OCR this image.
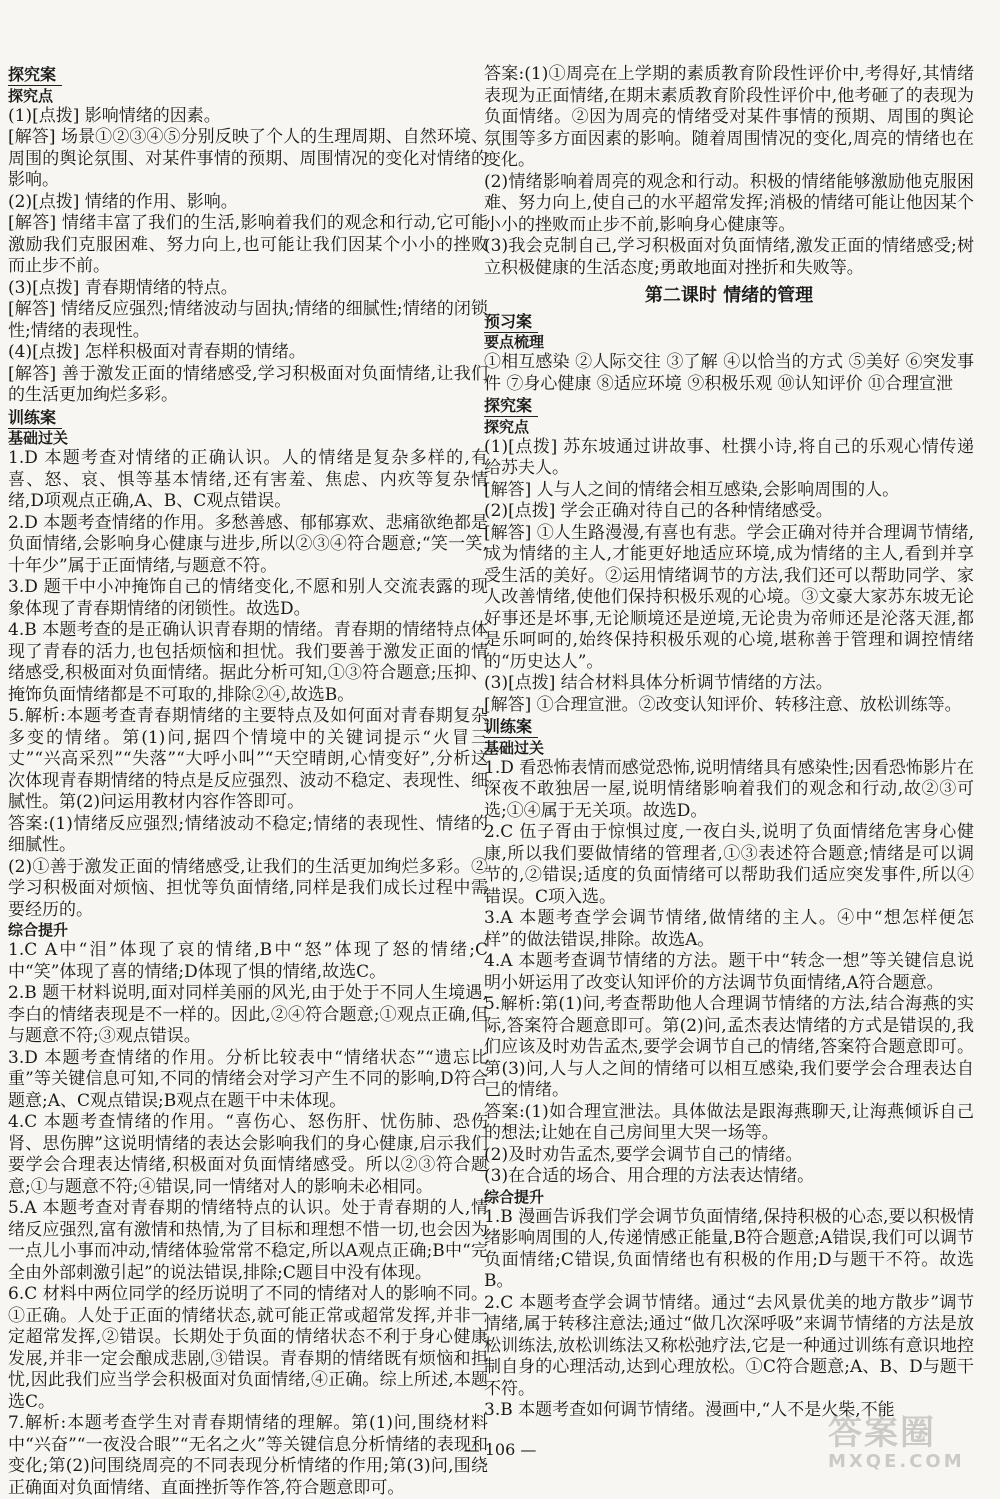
探究案
探究点

(1)[点拨] 影响情绪的因素。

[解答] 场景①②③④⑤分别反映了个人的生理周期、自然环境、周围的舆论氛围、对某件事情的预期、周围情况的变化对情绪的影响。

(2)[点拨] 情绪的作用、影响。

[解答] 情绪丰富了我们的生活,影响着我们的观念和行动,它可能激励我们克服困难、努力向上,也可能让我们因某个小小的挫败而止步不前。

(3)[点拨] 青春期情绪的特点。

[解答] 情绪反应强烈;情绪波动与固执;情绪的细腻性;情绪的闭锁性;情绪的表现性。

(4)[点拨] 怎样积极面对青春期的情绪。

[解答] 善于激发正面的情绪感受,学习积极面对负面情绪,让我们的生活更加绚烂多彩。

训练案
基础过关

1.D 本题考查对情绪的正确认识。人的情绪是复杂多样的,有喜、怒、哀、惧等基本情绪,还有害羞、焦虑、内疚等复杂情绪,D项观点正确,A、B、C观点错误。

2.D 本题考查情绪的作用。多愁善感、郁郁寡欢、悲痛欲绝都是负面情绪,会影响身心健康与进步,所以②③④符合题意;“笑一笑,十年少”属于正面情绪,与题意不符。

3.D 题干中小冲掩饰自己的情绪变化,不愿和别人交流表露的现象体现了青春期情绪的闭锁性。故选D。

4.B 本题考查的是正确认识青春期的情绪。青春期的情绪特点体现了青春的活力,也包括烦恼和担忧。我们要善于激发正面的情绪感受,积极面对负面情绪。据此分析可知,①③符合题意;压抑、掩饰负面情绪都是不可取的,排除②④,故选B。

5.解析:本题考查青春期情绪的主要特点及如何面对青春期复杂多变的情绪。第(1)问,据四个情境中的关键词提示“火冒三丈”“兴高采烈”“失落”“大呼小叫”“天空晴朗,心情变好”,分析这次体现青春期情绪的特点是反应强烈、波动不稳定、表现性、细腻性。第(2)问运用教材内容作答即可。

答案:(1)情绪反应强烈;情绪波动不稳定;情绪的表现性、情绪的细腻性。

(2)①善于激发正面的情绪感受,让我们的生活更加绚烂多彩。②学习积极面对烦恼、担忧等负面情绪,同样是我们成长过程中需要经历的。

综合提升

1.C A中“泪”体现了哀的情绪,B中“怒”体现了怒的情绪;C中“笑”体现了喜的情绪;D体现了惧的情绪,故选C。

2.B 题干材料说明,面对同样美丽的风光,由于处于不同人生境遇,李白的情绪表现是不一样的。因此,②④符合题意;①观点正确,但与题意不符;③观点错误。

3.D 本题考查情绪的作用。分析比较表中“情绪状态”“遗忘比重”等关键信息可知,不同的情绪会对学习产生不同的影响,D符合题意;A、C观点错误;B观点在题干中未体现。

4.C 本题考查情绪的作用。“喜伤心、怒伤肝、忧伤肺、恐伤肾、思伤脾”这说明情绪的表达会影响我们的身心健康,启示我们要学会合理表达情绪,积极面对负面情绪感受。所以②③符合题意;①与题意不符;④错误,同一情绪对人的影响未必相同。

5.A 本题考查对青春期的情绪特点的认识。处于青春期的人,情绪反应强烈,富有激情和热情,为了目标和理想不惜一切,也会因为一点儿小事而冲动,情绪体验常常不稳定,所以A观点正确;B中“完全由外部刺激引起”的说法错误,排除;C题目中没有体现。

6.C 材料中两位同学的经历说明了不同的情绪对人的影响不同。①正确。人处于正面的情绪状态,就可能正常或超常发挥,并非一定超常发挥,②错误。长期处于负面的情绪状态不利于身心健康发展,并非一定会酿成悲剧,③错误。青春期的情绪既有烦恼和担忧,因此我们应当学会积极面对负面情绪,④正确。综上所述,本题选C。

7.解析:本题考查学生对青春期情绪的理解。第(1)问,围绕材料中“兴奋”“一夜没合眼”“无名之火”等关键信息分析情绪的表现和变化;第(2)问围绕周亮的不同表现分析情绪的作用;第(3)问,围绕正确面对负面情绪、直面挫折等作答,符合题意即可。

答案:(1)①周亮在上学期的素质教育阶段性评价中,考得好,其情绪表现为正面情绪,在期末素质教育阶段性评价中,他考砸了的表现为负面情绪。②因为周亮的情绪受对某件事情的预期、周围的舆论氛围等多方面因素的影响。随着周围情况的变化,周亮的情绪也在变化。

(2)情绪影响着周亮的观念和行动。积极的情绪能够激励他克服困难、努力向上,使自己的水平超常发挥;消极的情绪可能让他因某个小小的挫败而止步不前,影响身心健康等。

(3)我会克制自己,学习积极面对负面情绪,激发正面的情绪感受;树立积极健康的生活态度;勇敢地面对挫折和失败等。

第二课时 情绪的管理
预习案
要点梳理

①相互感染 ②人际交往 ③了解 ④以恰当的方式 ⑤美好 ⑥突发事件 ⑦身心健康 ⑧适应环境 ⑨积极乐观 ⑩认知评价 ⑪合理宣泄

探究案
探究点

(1)[点拨] 苏东坡通过讲故事、杜撰小诗,将自己的乐观心情传递给苏夫人。

[解答] 人与人之间的情绪会相互感染,会影响周围的人。

(2)[点拨] 学会正确对待自己的各种情绪感受。

[解答] ①人生路漫漫,有喜也有悲。学会正确对待并合理调节情绪,成为情绪的主人,才能更好地适应环境,成为情绪的主人,看到并享受生活的美好。②运用情绪调节的方法,我们还可以帮助同学、家人改善情绪,使他们保持积极乐观的心境。③文豪大家苏东坡无论好事还是坏事,无论顺境还是逆境,无论贵为帝师还是沦落天涯,都是乐呵呵的,始终保持积极乐观的心境,堪称善于管理和调控情绪的“历史达人”。

(3)[点拨] 结合材料具体分析调节情绪的方法。

[解答] ①合理宣泄。②改变认知评价、转移注意、放松训练等。

训练案
基础过关

1.D 看恐怖表情而感觉恐怖,说明情绪具有感染性;因看恐怖影片在深夜不敢独居一屋,说明情绪影响着我们的观念和行动,故②③可选;①④属于无关项。故选D。

2.C 伍子胥由于惊惧过度,一夜白头,说明了负面情绪危害身心健康,所以我们要做情绪的管理者,①③表述符合题意;情绪是可以调节的,②错误;适度的负面情绪可以帮助我们适应突发事件,所以④错误。C项入选。

3.A 本题考查学会调节情绪,做情绪的主人。④中“想怎样便怎样”的做法错误,排除。故选A。

4.A 本题考查调节情绪的方法。题干中“转念一想”等关键信息说明小妍运用了改变认知评价的方法调节负面情绪,A符合题意。

5.解析:第(1)问,考查帮助他人合理调节情绪的方法,结合海燕的实际,答案符合题意即可。第(2)问,孟杰表达情绪的方式是错误的,我们应该及时劝告孟杰,要学会调节自己的情绪,答案符合题意即可。第(3)问,人与人之间的情绪可以相互感染,我们要学会合理表达自己的情绪。

答案:(1)如合理宣泄法。具体做法是跟海燕聊天,让海燕倾诉自己的想法;让她在自己房间里大哭一场等。

(2)及时劝告孟杰,要学会调节自己的情绪。

(3)在合适的场合、用合理的方法表达情绪。

综合提升

1.B 漫画告诉我们学会调节负面情绪,保持积极的心态,要以积极情绪影响周围的人,传递情感正能量,B符合题意;A错误,我们可以调节负面情绪;C错误,负面情绪也有积极的作用;D与题干不符。故选B。

2.C 本题考查学会调节情绪。通过“去风景优美的地方散步”调节情绪,属于转移注意法;通过“做几次深呼吸”来调节情绪的方法是放松训练法,放松训练法又称松弛疗法,它是一种通过训练有意识地控制自身的心理活动,达到心理放松。①C符合题意;A、B、D与题干不符。

3.B 本题考查如何调节情绪。漫画中,“人不是火柴,不能

— 106 —	答案圈
MXQE.COM
